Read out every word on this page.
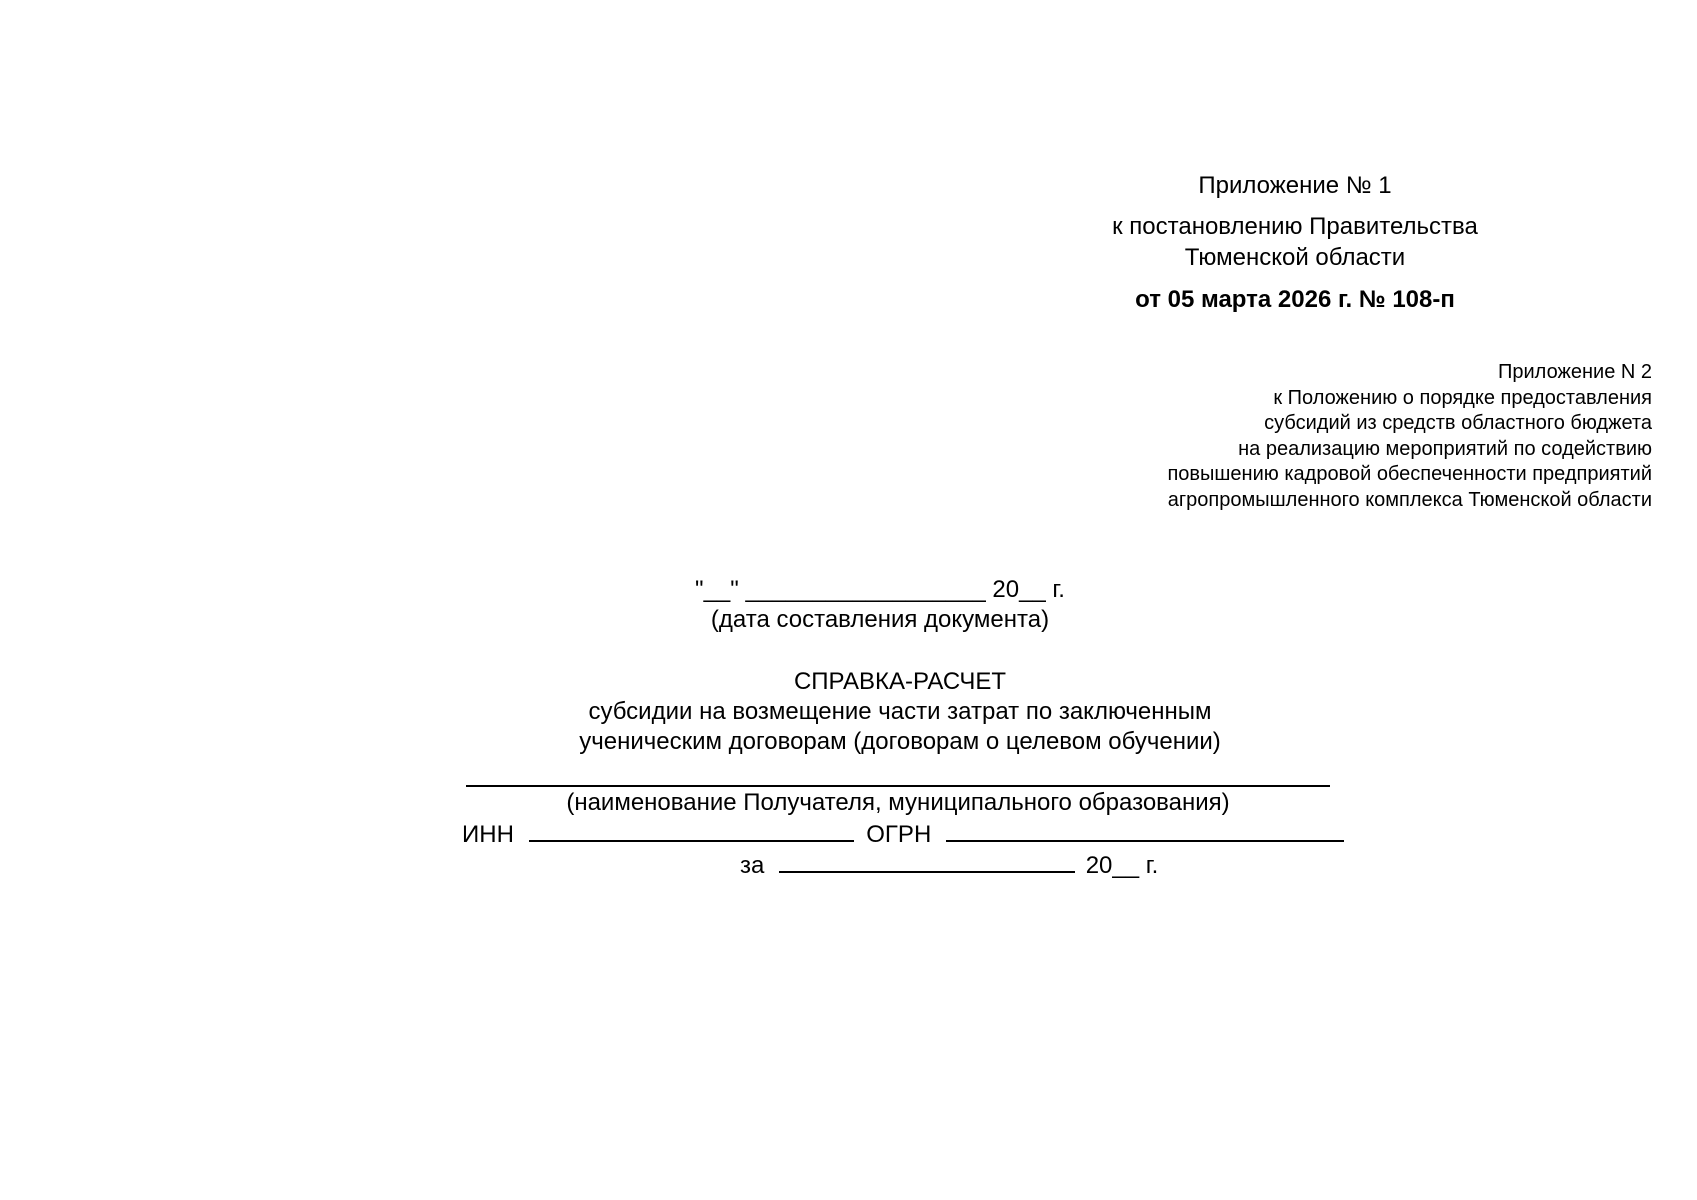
Приложение № 1
к постановлению Правительства
Тюменской области
от 05 марта 2026 г. № 108-п
Приложение N 2
к Положению о порядке предоставления
субсидий из средств областного бюджета
на реализацию мероприятий по содействию
повышению кадровой обеспеченности предприятий
агропромышленного комплекса Тюменской области
"__" __________________ 20__ г.
(дата составления документа)
СПРАВКА-РАСЧЕТ
субсидии на возмещение части затрат по заключенным
ученическим договорам (договорам о целевом обучении)
(наименование Получателя, муниципального образования)
ИНН	ОГРН
за	20__ г.
